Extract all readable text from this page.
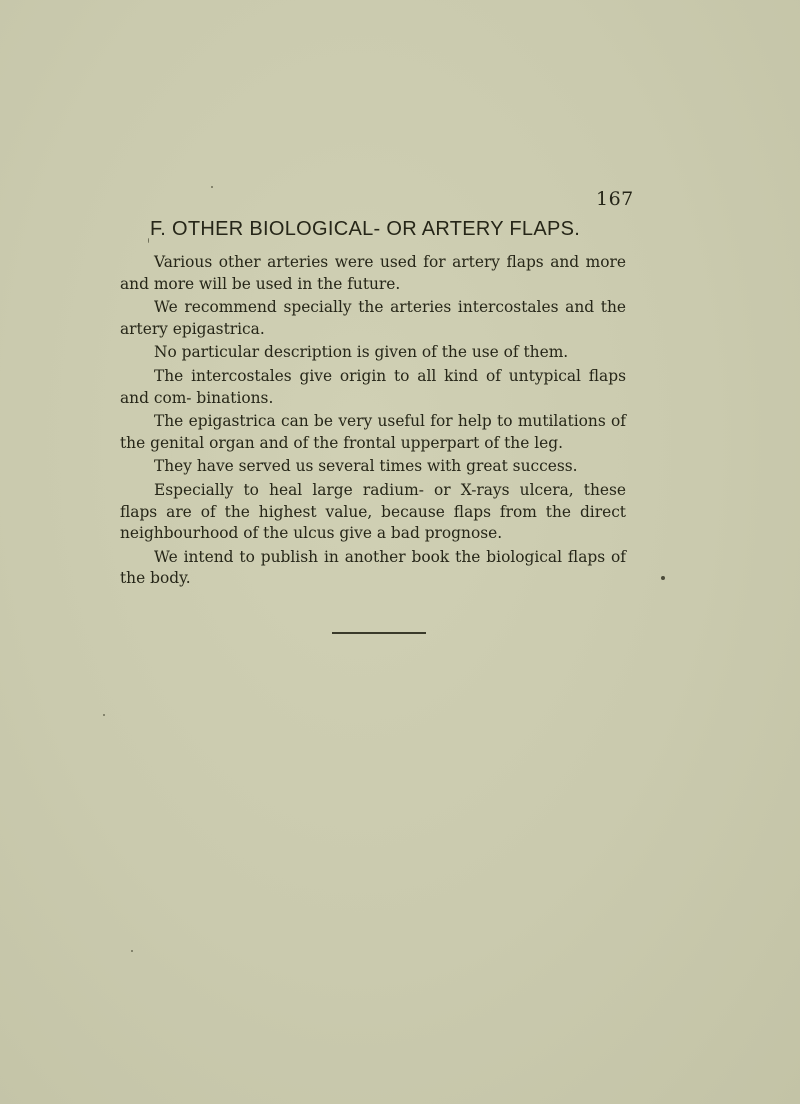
167
F. OTHER BIOLOGICAL- OR ARTERY FLAPS.

Various other arteries were used for artery flaps and more and more will be used in the future.

We recommend specially the arteries intercostales and the artery epigastrica.

No particular description is given of the use of them.

The intercostales give origin to all kind of untypical flaps and com- binations.

The epigastrica can be very useful for help to mutilations of the genital organ and of the frontal upperpart of the leg.

They have served us several times with great success.

Especially to heal large radium- or X-rays ulcera, these flaps are of the highest value, because flaps from the direct neighbourhood of the ulcus give a bad prognose.

We intend to publish in another book the biological flaps of the body.
